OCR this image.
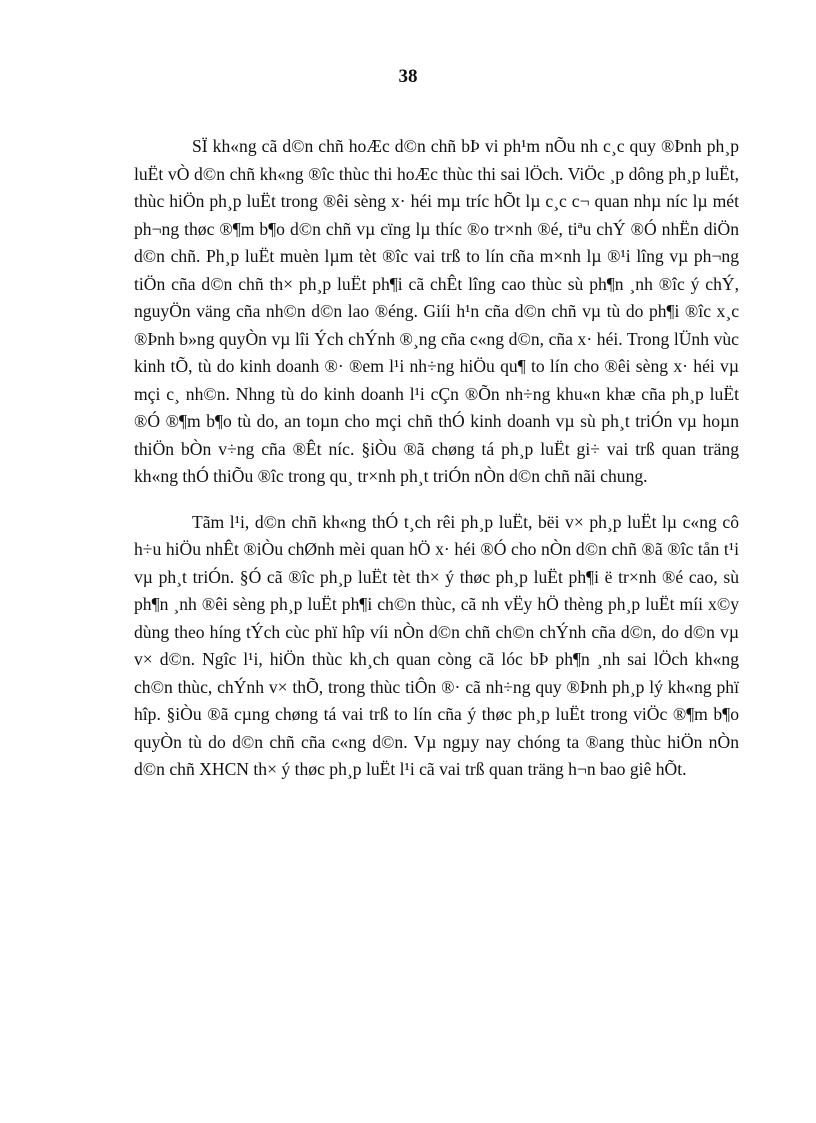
38

SÏ kh«ng cã d©n chñ hoÆc d©n chñ bÞ vi ph¹m nÕu nh c¸c quy ®Þnh ph¸p luËt vÒ d©n chñ kh«ng ®îc thùc thi hoÆc thùc thi sai lÖch. ViÖc ¸p dông ph¸p luËt, thùc hiÖn ph¸p luËt trong ®êi sèng x· héi mµ tríc hÕt lµ c¸c c¬ quan nhµ níc lµ mét ph¬ng thøc ®¶m b¶o d©n chñ vµ cïng lµ thíc ®o tr×nh ®é, tiªu chÝ ®Ó nhËn diÖn d©n chñ. Ph¸p luËt muèn lµm tèt ®îc vai trß to lín cña m×nh lµ ®¹i lîng vµ ph¬ng tiÖn cña d©n chñ th× ph¸p luËt ph¶i cã chÊt lîng cao thùc sù ph¶n ¸nh ®îc ý chÝ, nguyÖn väng cña nh©n d©n lao ®éng. Giíi h¹n cña d©n chñ vµ tù do ph¶i ®îc x¸c ®Þnh b»ng quyÒn vµ lîi Ých chÝnh ®¸ng cña c«ng d©n, cña x· héi. Trong lÜnh vùc kinh tÕ, tù do kinh doanh ®· ®em l¹i nh÷ng hiÖu qu¶ to lín cho ®êi sèng x· héi vµ mçi c¸ nh©n. Nhng tù do kinh doanh l¹i cÇn ®Õn nh÷ng khu«n khæ cña ph¸p luËt ®Ó ®¶m b¶o tù do, an toµn cho mçi chñ thÓ kinh doanh vµ sù ph¸t triÓn vµ hoµn thiÖn bÒn v÷ng cña ®Êt níc. §iÒu ®ã chøng tá ph¸p luËt gi÷ vai trß quan träng kh«ng thÓ thiÕu ®îc trong qu¸ tr×nh ph¸t triÓn nÒn d©n chñ nãi chung.

Tãm l¹i, d©n chñ kh«ng thÓ t¸ch rêi ph¸p luËt, bëi v× ph¸p luËt lµ c«ng cô h÷u hiÖu nhÊt ®iÒu chØnh mèi quan hÖ x· héi ®Ó cho nÒn d©n chñ ®ã ®îc tån t¹i vµ ph¸t triÓn. §Ó cã ®îc ph¸p luËt tèt th× ý thøc ph¸p luËt ph¶i ë tr×nh ®é cao, sù ph¶n ¸nh ®êi sèng ph¸p luËt ph¶i ch©n thùc, cã nh vËy hÖ thèng ph¸p luËt míi x©y dùng theo híng tÝch cùc phï hîp víi nÒn d©n chñ ch©n chÝnh cña d©n, do d©n vµ v× d©n. Ngîc l¹i, hiÖn thùc kh¸ch quan còng cã lóc bÞ ph¶n ¸nh sai lÖch kh«ng ch©n thùc, chÝnh v× thÕ, trong thùc tiÔn ®· cã nh÷ng quy ®Þnh ph¸p lý kh«ng phï hîp. §iÒu ®ã cµng chøng tá vai trß to lín cña ý thøc ph¸p luËt trong viÖc ®¶m b¶o quyÒn tù do d©n chñ cña c«ng d©n. Vµ ngµy nay chóng ta ®ang thùc hiÖn nÒn d©n chñ XHCN th× ý thøc ph¸p luËt l¹i cã vai trß quan träng h¬n bao giê hÕt.
